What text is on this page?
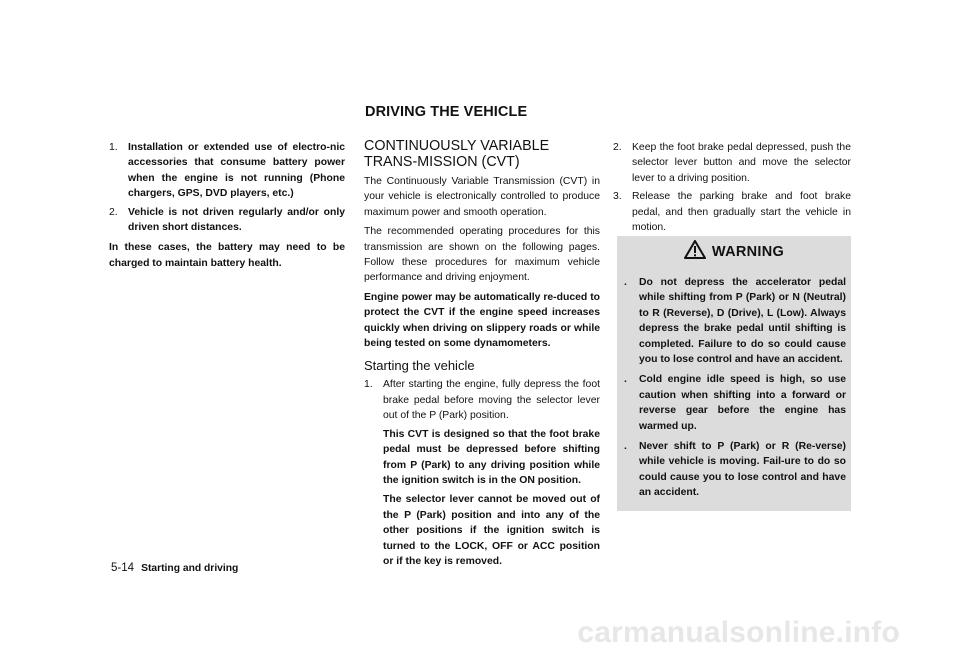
DRIVING THE VEHICLE
1. Installation or extended use of electro-nic accessories that consume battery power when the engine is not running (Phone chargers, GPS, DVD players, etc.)
2. Vehicle is not driven regularly and/or only driven short distances.

In these cases, the battery may need to be charged to maintain battery health.

CONTINUOUSLY VARIABLE TRANS-MISSION (CVT)

The Continuously Variable Transmission (CVT) in your vehicle is electronically controlled to produce maximum power and smooth operation.

The recommended operating procedures for this transmission are shown on the following pages. Follow these procedures for maximum vehicle performance and driving enjoyment.

Engine power may be automatically re-duced to protect the CVT if the engine speed increases quickly when driving on slippery roads or while being tested on some dynamometers.

Starting the vehicle
1. After starting the engine, fully depress the foot brake pedal before moving the selector lever out of the P (Park) position.

This CVT is designed so that the foot brake pedal must be depressed before shifting from P (Park) to any driving position while the ignition switch is in the ON position.

The selector lever cannot be moved out of the P (Park) position and into any of the other positions if the ignition switch is turned to the LOCK, OFF or ACC position or if the key is removed.

2. Keep the foot brake pedal depressed, push the selector lever button and move the selector lever to a driving position.
3. Release the parking brake and foot brake pedal, and then gradually start the vehicle in motion.
WARNING
.	Do not depress the accelerator pedal while shifting from P (Park) or N (Neutral) to R (Reverse), D (Drive), L (Low). Always depress the brake pedal until shifting is completed. Failure to do so could cause you to lose control and have an accident.
.	Cold engine idle speed is high, so use caution when shifting into a forward or reverse gear before the engine has warmed up.
.	Never shift to P (Park) or R (Re-verse) while vehicle is moving. Fail-ure to do so could cause you to lose control and have an accident.
5-14 Starting and driving
carmanualsonline.info
